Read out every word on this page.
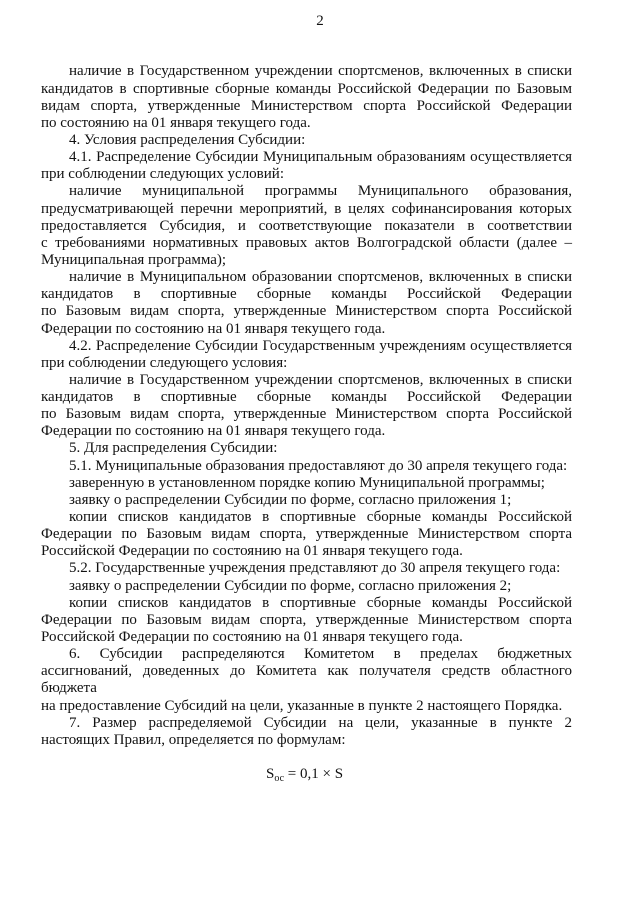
2
наличие в Государственном учреждении спортсменов, включенных в списки
кандидатов в спортивные сборные команды Российской Федерации по Базовым
видам спорта, утвержденные Министерством спорта Российской Федерации
по состоянию на 01 января текущего года.
4. Условия распределения Субсидии:
4.1. Распределение Субсидии Муниципальным образованиям осуществляется
при соблюдении следующих условий:
наличие муниципальной программы Муниципального образования,
предусматривающей перечни мероприятий, в целях софинансирования которых
предоставляется Субсидия, и соответствующие показатели в соответствии
с требованиями нормативных правовых актов Волгоградской области (далее –
Муниципальная программа);
наличие в Муниципальном образовании спортсменов, включенных в списки
кандидатов в спортивные сборные команды Российской Федерации
по Базовым видам спорта, утвержденные Министерством спорта Российской
Федерации по состоянию на 01 января текущего года.
4.2. Распределение Субсидии Государственным учреждениям осуществляется
при соблюдении следующего условия:
наличие в Государственном учреждении спортсменов, включенных в списки
кандидатов в спортивные сборные команды Российской Федерации
по Базовым видам спорта, утвержденные Министерством спорта Российской
Федерации по состоянию на 01 января текущего года.
5. Для распределения Субсидии:
5.1. Муниципальные образования предоставляют до 30 апреля текущего года:
заверенную в установленном порядке копию Муниципальной программы;
заявку о распределении Субсидии по форме, согласно приложения 1;
копии списков кандидатов в спортивные сборные команды Российской
Федерации по Базовым видам спорта, утвержденные Министерством спорта
Российской Федерации по состоянию на 01 января текущего года.
5.2. Государственные учреждения представляют до 30 апреля текущего года:
заявку о распределении Субсидии по форме, согласно приложения 2;
копии списков кандидатов в спортивные сборные команды Российской
Федерации по Базовым видам спорта, утвержденные Министерством спорта
Российской Федерации по состоянию на 01 января текущего года.
6. Субсидии распределяются Комитетом в пределах бюджетных
ассигнований, доведенных до Комитета как получателя средств областного
бюджета
на предоставление Субсидий на цели, указанные в пункте 2 настоящего Порядка.
7. Размер распределяемой Субсидии на цели, указанные в пункте 2
настоящих Правил, определяется по формулам:
$S_{ос} = 0,1 \times S$
